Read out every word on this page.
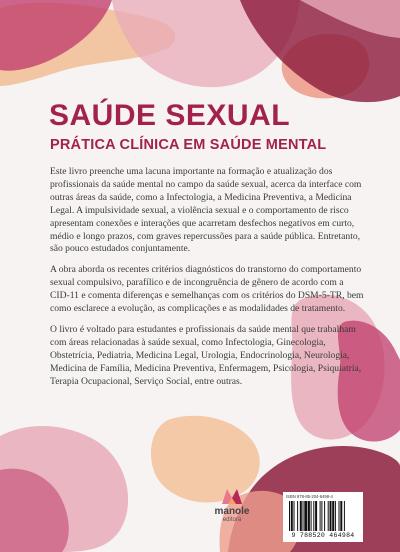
SAÚDE SEXUAL
PRÁTICA CLÍNICA EM SAÚDE MENTAL

Este livro preenche uma lacuna importante na formação e atualização dos profissionais da saúde mental no campo da saúde sexual, acerca da interface com outras áreas da saúde, como a Infectologia, a Medicina Preventiva, a Medicina Legal. A impulsividade sexual, a violência sexual e o comportamento de risco apresentam conexões e interações que acarretam desfechos negativos em curto, médio e longo prazos, com graves repercussões para a saúde pública. Entretanto, são pouco estudados conjuntamente.

A obra aborda os recentes critérios diagnósticos do transtorno do comportamento sexual compulsivo, parafílico e de incongruência de gênero de acordo com a CID-11 e comenta diferenças e semelhanças com os critérios do DSM-5-TR, bem como esclarece a evolução, as complicações e as modalidades de tratamento.

O livro é voltado para estudantes e profissionais da saúde mental que trabalham com áreas relacionadas à saúde sexual, como Infectologia, Ginecologia, Obstetrícia, Pediatria, Medicina Legal, Urologia, Endocrinologia, Neurologia, Medicina de Família, Medicina Preventiva, Enfermagem, Psicologia, Psiquiatria, Terapia Ocupacional, Serviço Social, entre outras.

manole
editora
ISBN 978-85-204-6498-4
9 788520 464984
